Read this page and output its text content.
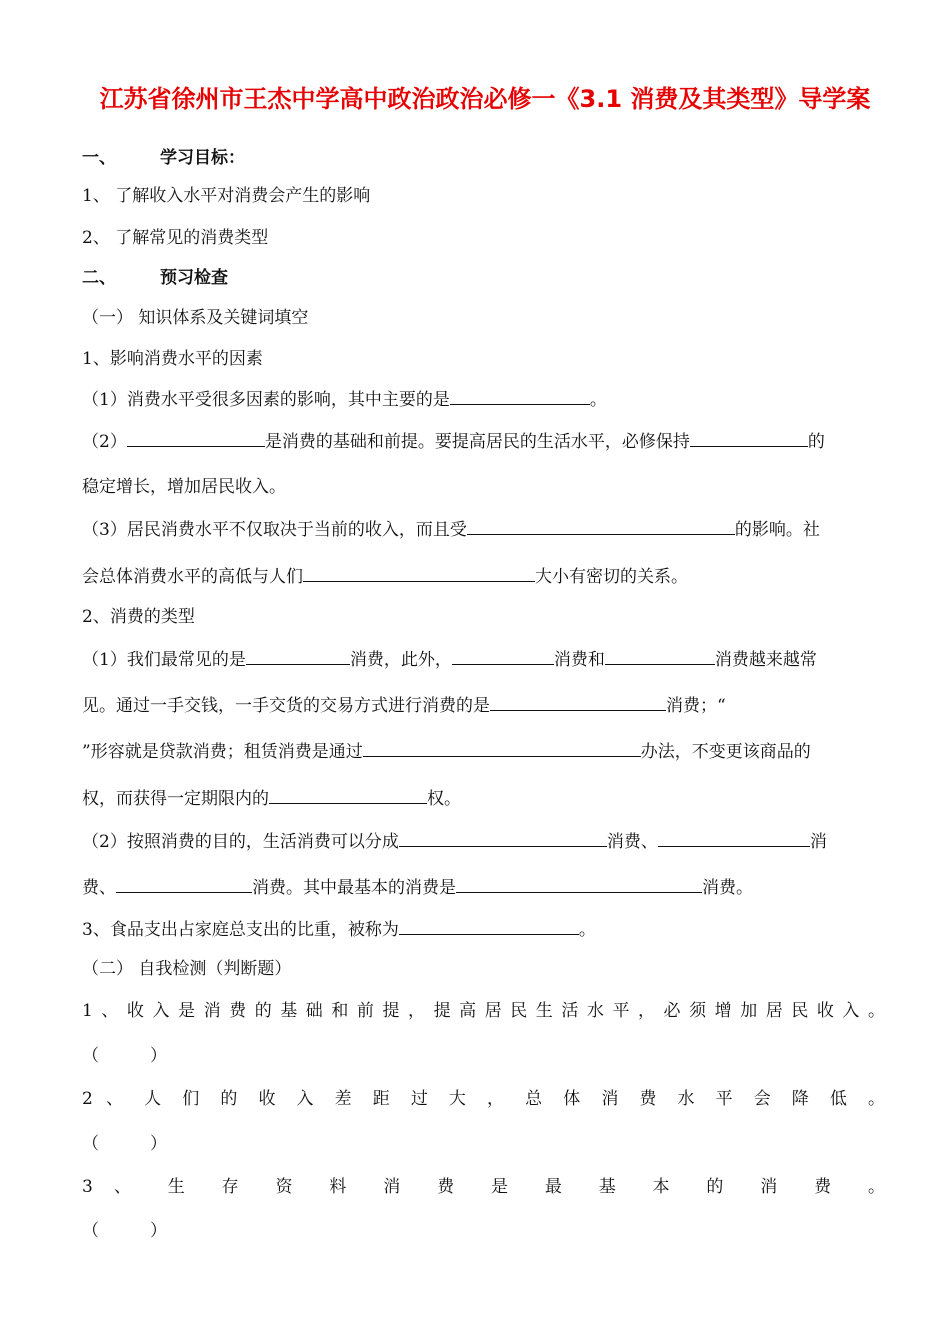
江苏省徐州市王杰中学高中政治政治必修一《3.1 消费及其类型》导学案
一、	学习目标：
1、 了解收入水平对消费会产生的影响
2、 了解常见的消费类型
二、	预习检查
（一） 知识体系及关键词填空
1、影响消费水平的因素
（1）消费水平受很多因素的影响，其中主要的是	。
（2）	是消费的基础和前提。要提高居民的生活水平，必修保持	的
稳定增长，增加居民收入。
（3）居民消费水平不仅取决于当前的收入，而且受	的影响。社
会总体消费水平的高低与人们	大小有密切的关系。
2、消费的类型
（1）我们最常见的是	消费，此外，	消费和	消费越来越常
见。通过一手交钱，一手交货的交易方式进行消费的是	消费；“
”形容就是贷款消费；租赁消费是通过	办法，不变更该商品的
权，而获得一定期限内的	权。
（2）按照消费的目的，生活消费可以分成	消费、	消
费、	消费。其中最基本的消费是	消费。
3、食品支出占家庭总支出的比重，被称为	。
（二） 自我检测（判断题）
1、收入是消费的基础和前提，提高居民生活水平，必须增加居民收入。
（　　　）
2 、 人 们 的 收 入 差 距 过 大 ， 总 体 消 费 水 平 会 降 低 。
（　　　）
3 、 生 存 资 料 消 费 是 最 基 本 的 消 费 。
（　　　）
